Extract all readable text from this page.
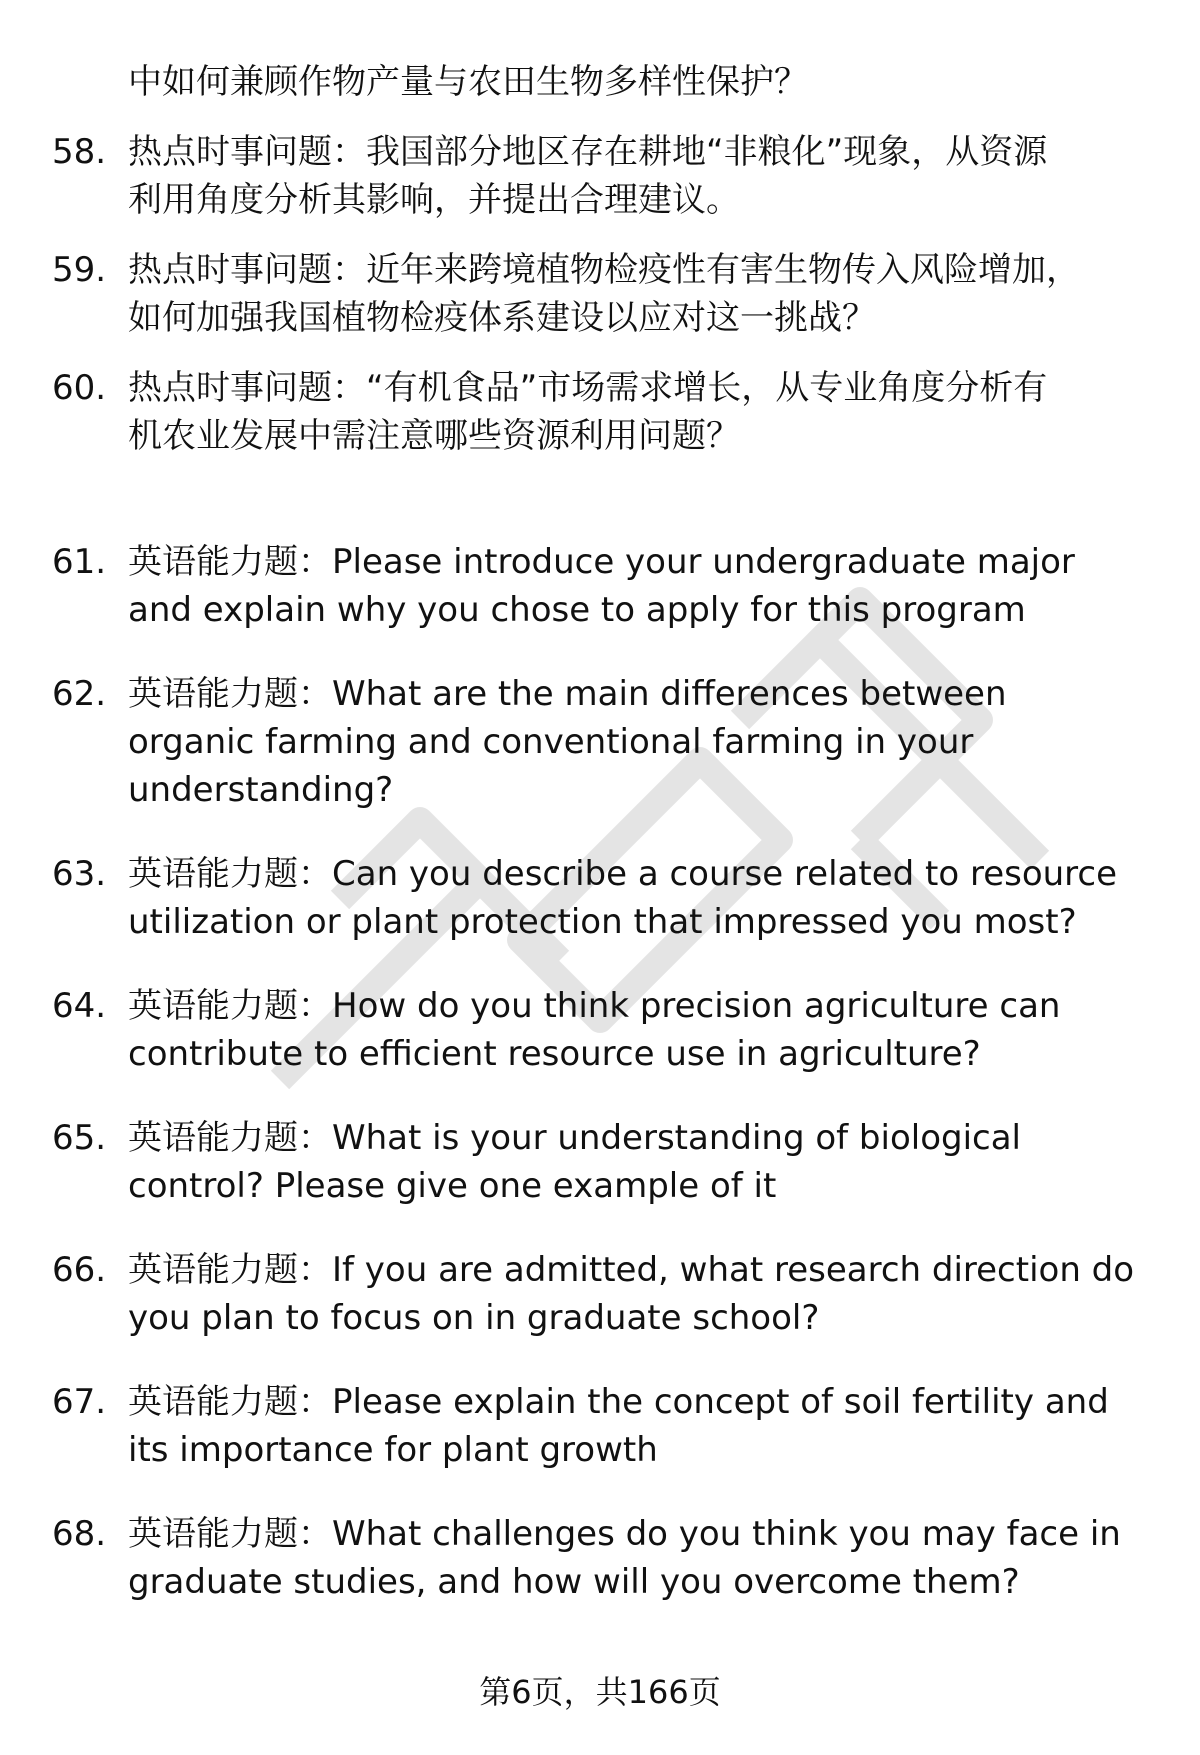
中如何兼顾作物产量与农田生物多样性保护？
58. 热点时事问题：我国部分地区存在耕地“非粮化”现象，从资源
利用角度分析其影响，并提出合理建议。
59. 热点时事问题：近年来跨境植物检疫性有害生物传入风险增加，
如何加强我国植物检疫体系建设以应对这一挑战？
60. 热点时事问题：“有机食品”市场需求增长，从专业角度分析有
机农业发展中需注意哪些资源利用问题？
61. 英语能力题：Please introduce your undergraduate major
and explain why you chose to apply for this program
62. 英语能力题：What are the main differences between
organic farming and conventional farming in your
understanding?
63. 英语能力题：Can you describe a course related to resource
utilization or plant protection that impressed you most?
64. 英语能力题：How do you think precision agriculture can
contribute to efficient resource use in agriculture?
65. 英语能力题：What is your understanding of biological
control? Please give one example of it
66. 英语能力题：If you are admitted, what research direction do
you plan to focus on in graduate school?
67. 英语能力题：Please explain the concept of soil fertility and
its importance for plant growth
68. 英语能力题：What challenges do you think you may face in
graduate studies, and how will you overcome them?
第6页，共166页
